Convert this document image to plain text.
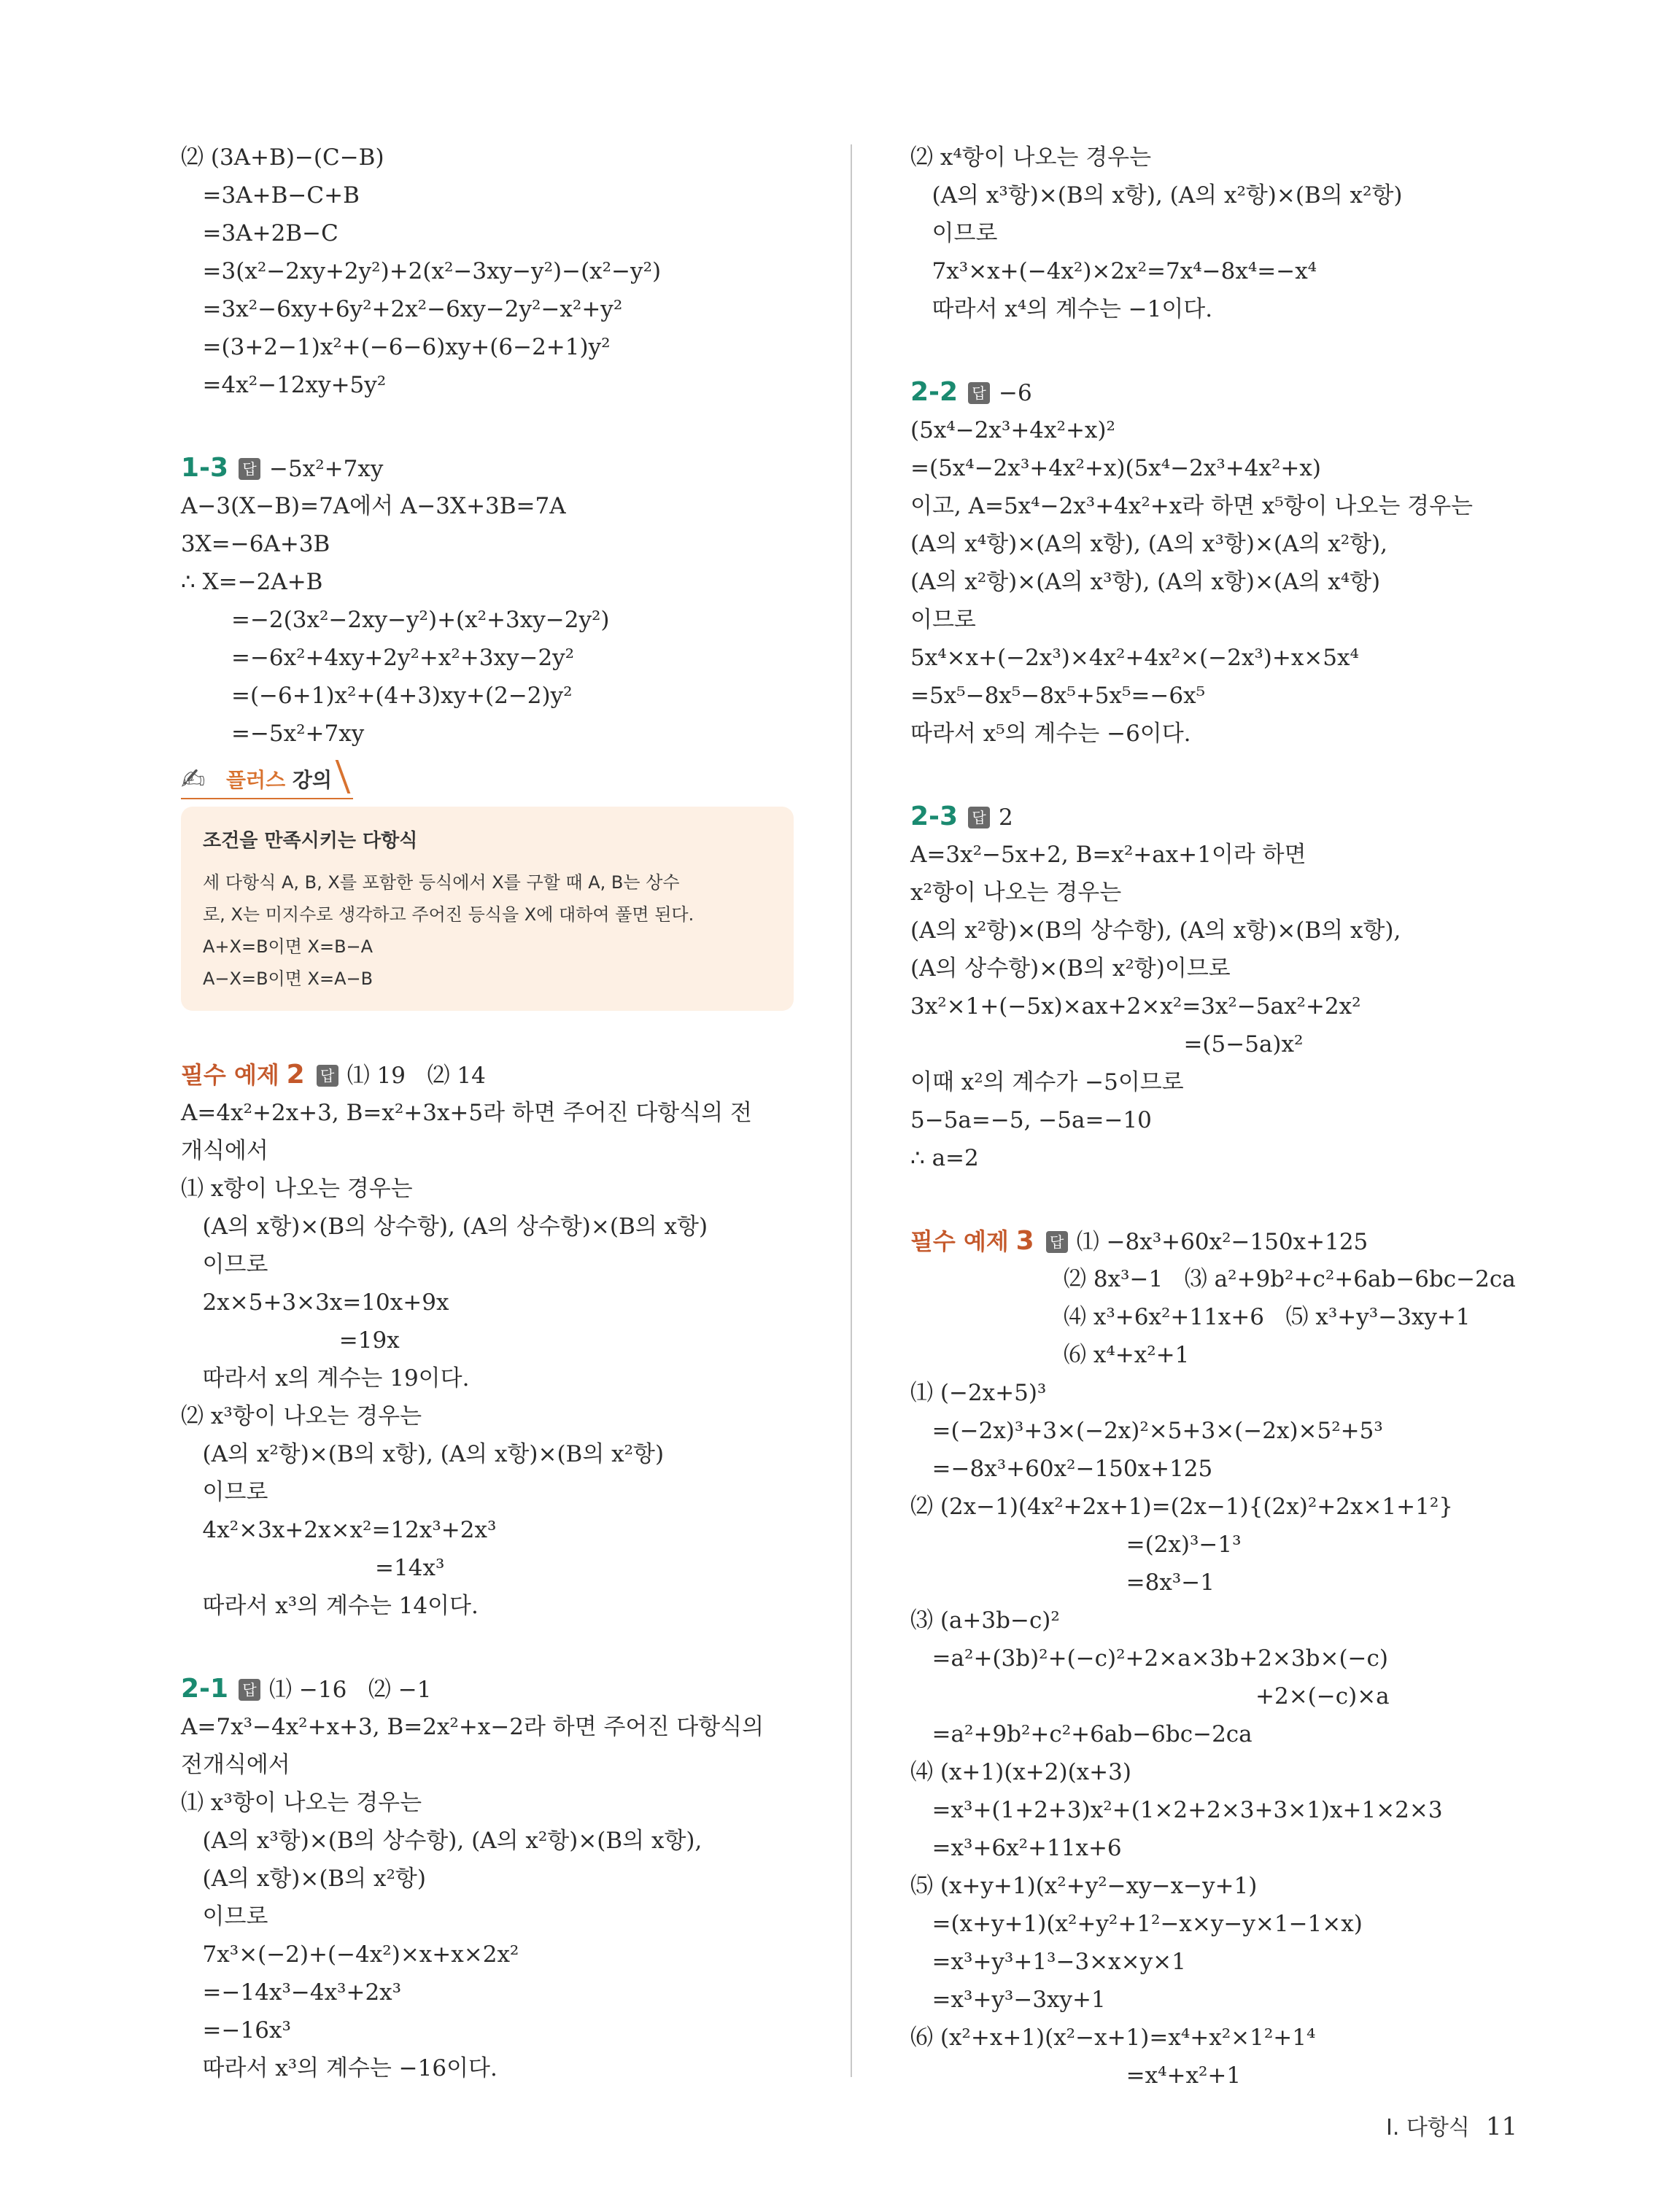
⑵ (3A+B)−(C−B)
=3A+B−C+B
=3A+2B−C
=3(x²−2xy+2y²)+2(x²−3xy−y²)−(x²−y²)
=3x²−6xy+6y²+2x²−6xy−2y²−x²+y²
=(3+2−1)x²+(−6−6)xy+(6−2+1)y²
=4x²−12xy+5y²
1-3 답 −5x²+7xy
A−3(X−B)=7A에서 A−3X+3B=7A
3X=−6A+3B
∴ X=−2A+B
=−2(3x²−2xy−y²)+(x²+3xy−2y²)
=−6x²+4xy+2y²+x²+3xy−2y²
=(−6+1)x²+(4+3)xy+(2−2)y²
=−5x²+7xy
✍ 플러스 강의
조건을 만족시키는 다항식
세 다항식 A, B, X를 포함한 등식에서 X를 구할 때 A, B는 상수
로, X는 미지수로 생각하고 주어진 등식을 X에 대하여 풀면 된다.
A+X=B이면 X=B−A
A−X=B이면 X=A−B
필수 예제 2 답 ⑴ 19   ⑵ 14
A=4x²+2x+3, B=x²+3x+5라 하면 주어진 다항식의 전
개식에서
⑴ x항이 나오는 경우는
(A의 x항)×(B의 상수항), (A의 상수항)×(B의 x항)
이므로
2x×5+3×3x=10x+9x
=19x
따라서 x의 계수는 19이다.
⑵ x³항이 나오는 경우는
(A의 x²항)×(B의 x항), (A의 x항)×(B의 x²항)
이므로
4x²×3x+2x×x²=12x³+2x³
=14x³
따라서 x³의 계수는 14이다.
2-1 답 ⑴ −16   ⑵ −1
A=7x³−4x²+x+3, B=2x²+x−2라 하면 주어진 다항식의
전개식에서
⑴ x³항이 나오는 경우는
(A의 x³항)×(B의 상수항), (A의 x²항)×(B의 x항),
(A의 x항)×(B의 x²항)
이므로
7x³×(−2)+(−4x²)×x+x×2x²
=−14x³−4x³+2x³
=−16x³
따라서 x³의 계수는 −16이다.
⑵ x⁴항이 나오는 경우는
(A의 x³항)×(B의 x항), (A의 x²항)×(B의 x²항)
이므로
7x³×x+(−4x²)×2x²=7x⁴−8x⁴=−x⁴
따라서 x⁴의 계수는 −1이다.
2-2 답 −6
(5x⁴−2x³+4x²+x)²
=(5x⁴−2x³+4x²+x)(5x⁴−2x³+4x²+x)
이고, A=5x⁴−2x³+4x²+x라 하면 x⁵항이 나오는 경우는
(A의 x⁴항)×(A의 x항), (A의 x³항)×(A의 x²항),
(A의 x²항)×(A의 x³항), (A의 x항)×(A의 x⁴항)
이므로
5x⁴×x+(−2x³)×4x²+4x²×(−2x³)+x×5x⁴
=5x⁵−8x⁵−8x⁵+5x⁵=−6x⁵
따라서 x⁵의 계수는 −6이다.
2-3 답 2
A=3x²−5x+2, B=x²+ax+1이라 하면
x²항이 나오는 경우는
(A의 x²항)×(B의 상수항), (A의 x항)×(B의 x항),
(A의 상수항)×(B의 x²항)이므로
3x²×1+(−5x)×ax+2×x²=3x²−5ax²+2x²
=(5−5a)x²
이때 x²의 계수가 −5이므로
5−5a=−5, −5a=−10
∴ a=2
필수 예제 3 답 ⑴ −8x³+60x²−150x+125
⑵ 8x³−1   ⑶ a²+9b²+c²+6ab−6bc−2ca
⑷ x³+6x²+11x+6   ⑸ x³+y³−3xy+1
⑹ x⁴+x²+1
⑴ (−2x+5)³
=(−2x)³+3×(−2x)²×5+3×(−2x)×5²+5³
=−8x³+60x²−150x+125
⑵ (2x−1)(4x²+2x+1)=(2x−1){(2x)²+2x×1+1²}
=(2x)³−1³
=8x³−1
⑶ (a+3b−c)²
=a²+(3b)²+(−c)²+2×a×3b+2×3b×(−c)
+2×(−c)×a
=a²+9b²+c²+6ab−6bc−2ca
⑷ (x+1)(x+2)(x+3)
=x³+(1+2+3)x²+(1×2+2×3+3×1)x+1×2×3
=x³+6x²+11x+6
⑸ (x+y+1)(x²+y²−xy−x−y+1)
=(x+y+1)(x²+y²+1²−x×y−y×1−1×x)
=x³+y³+1³−3×x×y×1
=x³+y³−3xy+1
⑹ (x²+x+1)(x²−x+1)=x⁴+x²×1²+1⁴
=x⁴+x²+1
Ⅰ. 다항식 11
